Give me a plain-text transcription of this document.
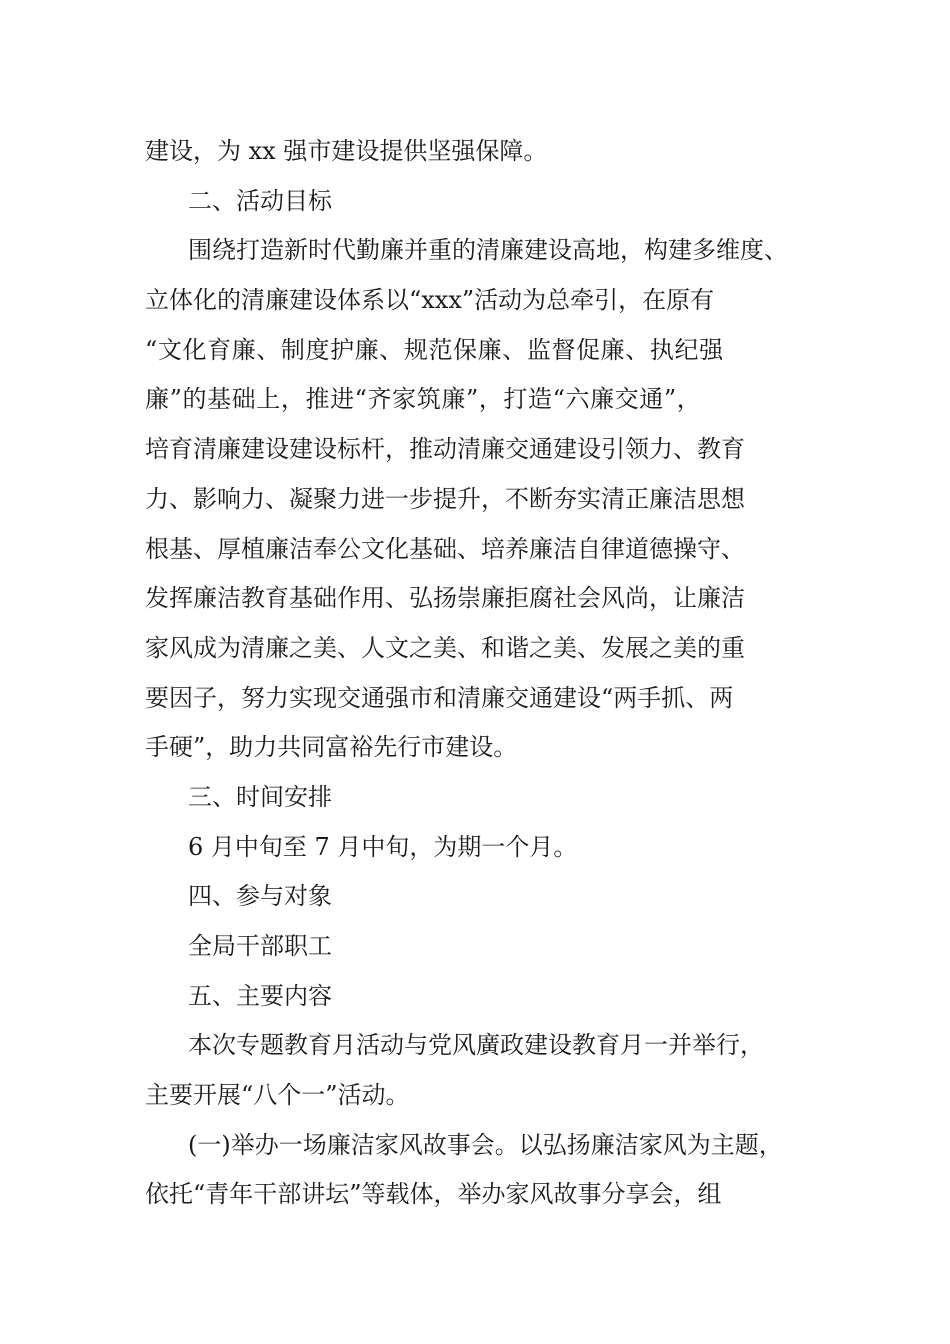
建设，为 xx 强市建设提供坚强保障。
二、活动目标
围绕打造新时代勤廉并重的清廉建设高地，构建多维度、
立体化的清廉建设体系以“xxx”活动为总牵引，在原有
“文化育廉、制度护廉、规范保廉、监督促廉、执纪强
廉”的基础上，推进“齐家筑廉”，打造“六廉交通”，
培育清廉建设建设标杆，推动清廉交通建设引领力、教育
力、影响力、凝聚力进一步提升，不断夯实清正廉洁思想
根基、厚植廉洁奉公文化基础、培养廉洁自律道德操守、
发挥廉洁教育基础作用、弘扬崇廉拒腐社会风尚，让廉洁
家风成为清廉之美、人文之美、和谐之美、发展之美的重
要因子，努力实现交通强市和清廉交通建设“两手抓、两
手硬”，助力共同富裕先行市建设。
三、时间安排
6 月中旬至 7 月中旬，为期一个月。
四、参与对象
全局干部职工
五、主要内容
本次专题教育月活动与党风廣政建设教育月一并举行，
主要开展“八个一”活动。
(一)举办一场廉洁家风故事会。以弘扬廉洁家风为主题，
依托“青年干部讲坛”等载体，举办家风故事分享会，组
